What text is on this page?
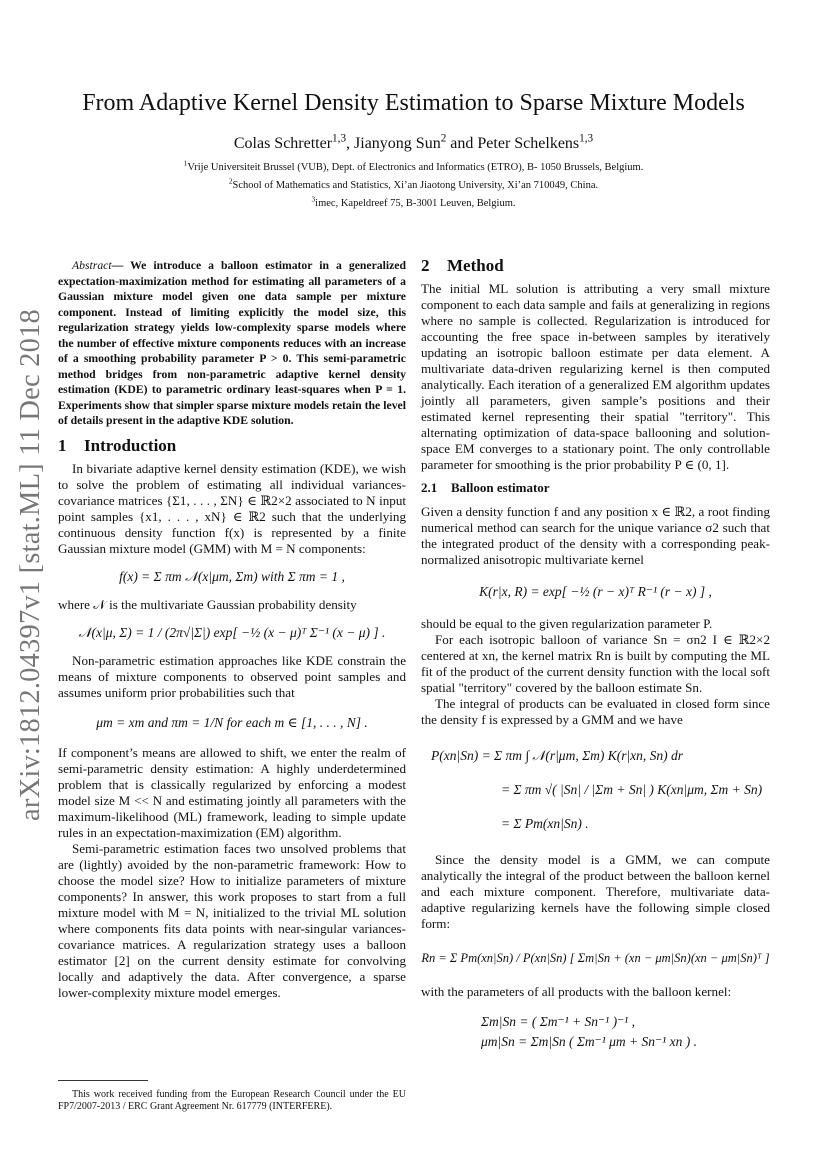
arXiv:1812.04397v1 [stat.ML] 11 Dec 2018
From Adaptive Kernel Density Estimation to Sparse Mixture Models
Colas Schretter$^{1,3}$, Jianyong Sun$^2$ and Peter Schelkens$^{1,3}$
$^1$Vrije Universiteit Brussel (VUB), Dept. of Electronics and Informatics (ETRO), B- 1050 Brussels, Belgium.
$^2$School of Mathematics and Statistics, Xi’an Jiaotong University, Xi’an 710049, China.
$^3$imec, Kapeldreef 75, B-3001 Leuven, Belgium.

Abstract— We introduce a balloon estimator in a generalized expectation-maximization method for estimating all parameters of a Gaussian mixture model given one data sample per mixture component. Instead of limiting explicitly the model size, this regularization strategy yields low-complexity sparse models where the number of effective mixture components reduces with an increase of a smoothing probability parameter P > 0. This semi-parametric method bridges from non-parametric adaptive kernel density estimation (KDE) to parametric ordinary least-squares when P = 1. Experiments show that simpler sparse mixture models retain the level of details present in the adaptive KDE solution.

1 Introduction

In bivariate adaptive kernel density estimation (KDE), we wish to solve the problem of estimating all individual variances-covariance matrices {Σ1, . . . , ΣN} ∈ ℝ2×2 associated to N input point samples {x1, . . . , xN} ∈ ℝ2 such that the underlying continuous density function f(x) is represented by a finite Gaussian mixture model (GMM) with M = N components:

f(x) = Σ πm 𝒩(x|μm, Σm) with Σ πm = 1 ,

where 𝒩 is the multivariate Gaussian probability density

𝒩(x|μ, Σ) = 1 / (2π√|Σ|) exp[ −½ (x − μ)ᵀ Σ⁻¹ (x − μ) ] .

Non-parametric estimation approaches like KDE constrain the means of mixture components to observed point samples and assumes uniform prior probabilities such that

μm = xm and πm = 1/N for each m ∈ [1, . . . , N] .

If component’s means are allowed to shift, we enter the realm of semi-parametric density estimation: A highly underdetermined problem that is classically regularized by enforcing a modest model size M << N and estimating jointly all parameters with the maximum-likelihood (ML) framework, leading to simple update rules in an expectation-maximization (EM) algorithm.

Semi-parametric estimation faces two unsolved problems that are (lightly) avoided by the non-parametric framework: How to choose the model size? How to initialize parameters of mixture components? In answer, this work proposes to start from a full mixture model with M = N, initialized to the trivial ML solution where components fits data points with near-singular variances-covariance matrices. A regularization strategy uses a balloon estimator [2] on the current density estimate for convolving locally and adaptively the data. After convergence, a sparse lower-complexity mixture model emerges.

This work received funding from the European Research Council under the EU FP7/2007-2013 / ERC Grant Agreement Nr. 617779 (INTERFERE).

2 Method

The initial ML solution is attributing a very small mixture component to each data sample and fails at generalizing in regions where no sample is collected. Regularization is introduced for accounting the free space in-between samples by iteratively updating an isotropic balloon estimate per data element. A multivariate data-driven regularizing kernel is then computed analytically. Each iteration of a generalized EM algorithm updates jointly all parameters, given sample’s positions and their estimated kernel representing their spatial "territory". This alternating optimization of data-space ballooning and solution-space EM converges to a stationary point. The only controllable parameter for smoothing is the prior probability P ∈ (0, 1].

2.1 Balloon estimator

Given a density function f and any position x ∈ ℝ2, a root finding numerical method can search for the unique variance σ2 such that the integrated product of the density with a corresponding peak-normalized anisotropic multivariate kernel

K(r|x, R) = exp[ −½ (r − x)ᵀ R⁻¹ (r − x) ] ,

should be equal to the given regularization parameter P.

For each isotropic balloon of variance Sn = σn2 I ∈ ℝ2×2 centered at xn, the kernel matrix Rn is built by computing the ML fit of the product of the current density function with the local soft spatial "territory" covered by the balloon estimate Sn.

The integral of products can be evaluated in closed form since the density f is expressed by a GMM and we have

P(xn|Sn) = Σ πm ∫ 𝒩(r|μm, Σm) K(r|xn, Sn) dr
= Σ πm √( |Sn| / |Σm + Sn| ) K(xn|μm, Σm + Sn)
= Σ Pm(xn|Sn) .

Since the density model is a GMM, we can compute analytically the integral of the product between the balloon kernel and each mixture component. Therefore, multivariate data-adaptive regularizing kernels have the following simple closed form:

Rn = Σ Pm(xn|Sn) / P(xn|Sn) [ Σm|Sn + (xn − μm|Sn)(xn − μm|Sn)ᵀ ]

with the parameters of all products with the balloon kernel:

Σm|Sn = ( Σm⁻¹ + Sn⁻¹ )⁻¹ ,
μm|Sn = Σm|Sn ( Σm⁻¹ μm + Sn⁻¹ xn ) .
